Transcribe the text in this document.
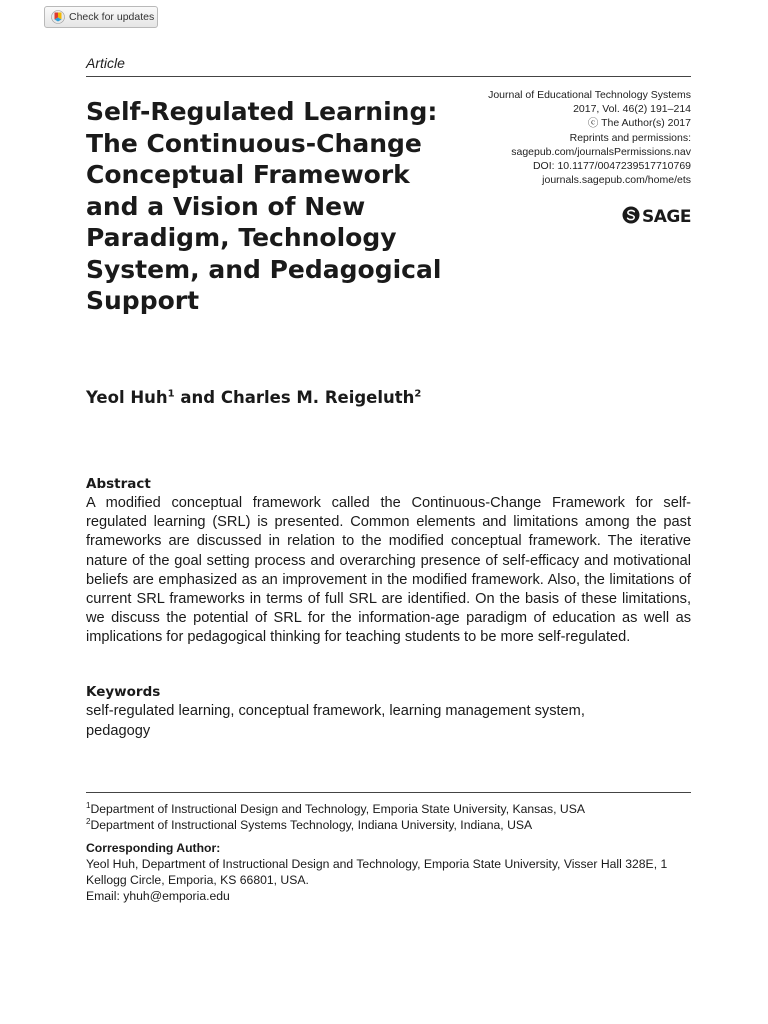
Check for updates
Article
Self-Regulated Learning: The Continuous-Change Conceptual Framework and a Vision of New Paradigm, Technology System, and Pedagogical Support
Journal of Educational Technology Systems
2017, Vol. 46(2) 191–214
ⓒ The Author(s) 2017
Reprints and permissions:
sagepub.com/journalsPermissions.nav
DOI: 10.1177/0047239517710769
journals.sagepub.com/home/ets
SAGE
Yeol Huh$^1$ and Charles M. Reigeluth$^2$
Abstract

A modified conceptual framework called the Continuous-Change Framework for self-regulated learning (SRL) is presented. Common elements and limitations among the past frameworks are discussed in relation to the modified conceptual framework. The iterative nature of the goal setting process and overarching presence of self-efficacy and motivational beliefs are emphasized as an improvement in the modified framework. Also, the limitations of current SRL frameworks in terms of full SRL are identified. On the basis of these limitations, we discuss the potential of SRL for the information-age paradigm of education as well as implications for pedagogical thinking for teaching students to be more self-regulated.

Keywords

self-regulated learning, conceptual framework, learning management system, pedagogy

$^1$Department of Instructional Design and Technology, Emporia State University, Kansas, USA
$^2$Department of Instructional Systems Technology, Indiana University, Indiana, USA
Corresponding Author:
Yeol Huh, Department of Instructional Design and Technology, Emporia State University, Visser Hall 328E, 1 Kellogg Circle, Emporia, KS 66801, USA.
Email: yhuh@emporia.edu
